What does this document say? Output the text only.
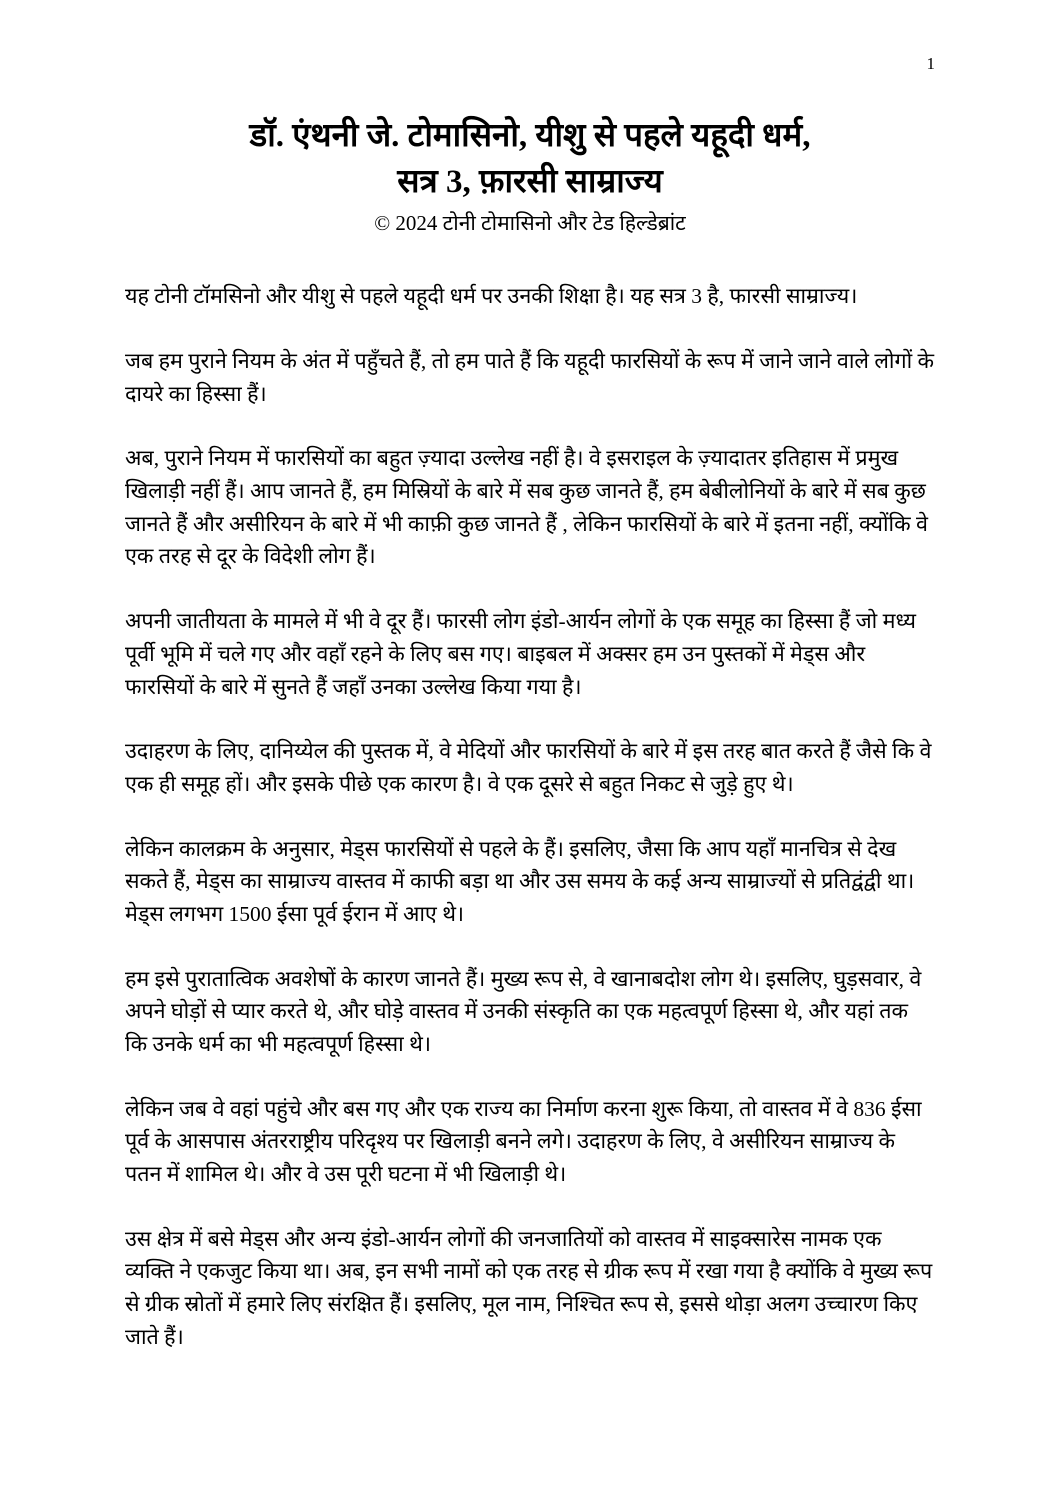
1
डॉ. एंथनी जे. टोमासिनो, यीशु से पहले यहूदी धर्म,
सत्र 3, फ़ारसी साम्राज्य
© 2024 टोनी टोमासिनो और टेड हिल्डेब्रांट

यह टोनी टॉमसिनो और यीशु से पहले यहूदी धर्म पर उनकी शिक्षा है। यह सत्र 3 है, फारसी साम्राज्य।

जब हम पुराने नियम के अंत में पहुँचते हैं, तो हम पाते हैं कि यहूदी फारसियों के रूप में जाने जाने वाले लोगों के दायरे का हिस्सा हैं।

अब, पुराने नियम में फारसियों का बहुत ज़्यादा उल्लेख नहीं है। वे इसराइल के ज़्यादातर इतिहास में प्रमुख खिलाड़ी नहीं हैं। आप जानते हैं, हम मिस्रियों के बारे में सब कुछ जानते हैं, हम बेबीलोनियों के बारे में सब कुछ जानते हैं और असीरियन के बारे में भी काफ़ी कुछ जानते हैं , लेकिन फारसियों के बारे में इतना नहीं, क्योंकि वे एक तरह से दूर के विदेशी लोग हैं।

अपनी जातीयता के मामले में भी वे दूर हैं। फारसी लोग इंडो-आर्यन लोगों के एक समूह का हिस्सा हैं जो मध्य पूर्वी भूमि में चले गए और वहाँ रहने के लिए बस गए। बाइबल में अक्सर हम उन पुस्तकों में मेड्स और फारसियों के बारे में सुनते हैं जहाँ उनका उल्लेख किया गया है।

उदाहरण के लिए, दानिय्येल की पुस्तक में, वे मेदियों और फारसियों के बारे में इस तरह बात करते हैं जैसे कि वे एक ही समूह हों। और इसके पीछे एक कारण है। वे एक दूसरे से बहुत निकट से जुड़े हुए थे।

लेकिन कालक्रम के अनुसार, मेड्स फारसियों से पहले के हैं। इसलिए, जैसा कि आप यहाँ मानचित्र से देख सकते हैं, मेड्स का साम्राज्य वास्तव में काफी बड़ा था और उस समय के कई अन्य साम्राज्यों से प्रतिद्वंद्वी था। मेड्स लगभग 1500 ईसा पूर्व ईरान में आए थे।

हम इसे पुरातात्विक अवशेषों के कारण जानते हैं। मुख्य रूप से, वे खानाबदोश लोग थे। इसलिए, घुड़सवार, वे अपने घोड़ों से प्यार करते थे, और घोड़े वास्तव में उनकी संस्कृति का एक महत्वपूर्ण हिस्सा थे, और यहां तक कि उनके धर्म का भी महत्वपूर्ण हिस्सा थे।

लेकिन जब वे वहां पहुंचे और बस गए और एक राज्य का निर्माण करना शुरू किया, तो वास्तव में वे 836 ईसा पूर्व के आसपास अंतरराष्ट्रीय परिदृश्य पर खिलाड़ी बनने लगे। उदाहरण के लिए, वे असीरियन साम्राज्य के पतन में शामिल थे। और वे उस पूरी घटना में भी खिलाड़ी थे।

उस क्षेत्र में बसे मेड्स और अन्य इंडो-आर्यन लोगों की जनजातियों को वास्तव में साइक्सारेस नामक एक व्यक्ति ने एकजुट किया था। अब, इन सभी नामों को एक तरह से ग्रीक रूप में रखा गया है क्योंकि वे मुख्य रूप से ग्रीक स्रोतों में हमारे लिए संरक्षित हैं। इसलिए, मूल नाम, निश्चित रूप से, इससे थोड़ा अलग उच्चारण किए जाते हैं।
